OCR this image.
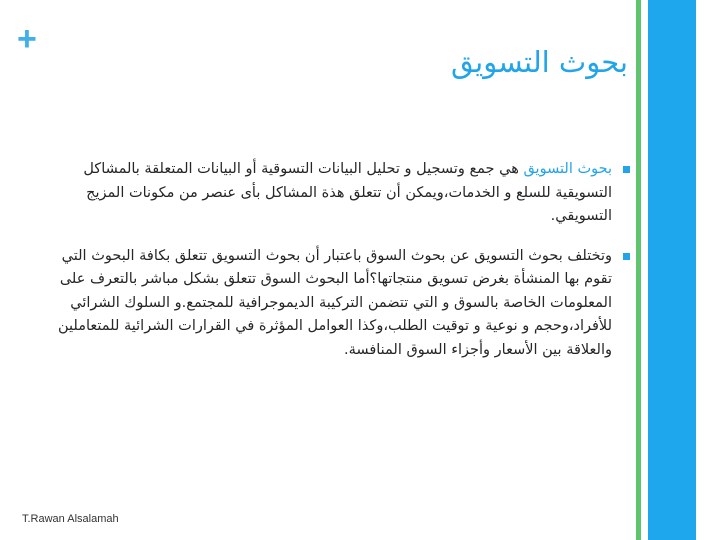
+
بحوث التسويق
بحوث التسويق هي جمع وتسجيل و تحليل البيانات التسوقية أو البيانات المتعلقة بالمشاكل التسويقية للسلع و الخدمات،ويمكن أن تتعلق هذة المشاكل بأى عنصر من مكونات المزيج التسويقي.
وتختلف بحوث التسويق عن بحوث السوق باعتبار أن بحوث التسويق تتعلق بكافة البحوث التي تقوم بها المنشأة بغرض تسويق منتجاتها؟أما البحوث السوق تتعلق بشكل مباشر بالتعرف على المعلومات الخاصة بالسوق و التي تتضمن التركيبة الديموجرافية للمجتمع.و السلوك الشرائي للأفراد،وحجم و نوعية و توقيت الطلب،وكذا العوامل المؤثرة في القرارات الشرائية للمتعاملين والعلاقة بين الأسعار وأجزاء السوق المنافسة.
T.Rawan Alsalamah
